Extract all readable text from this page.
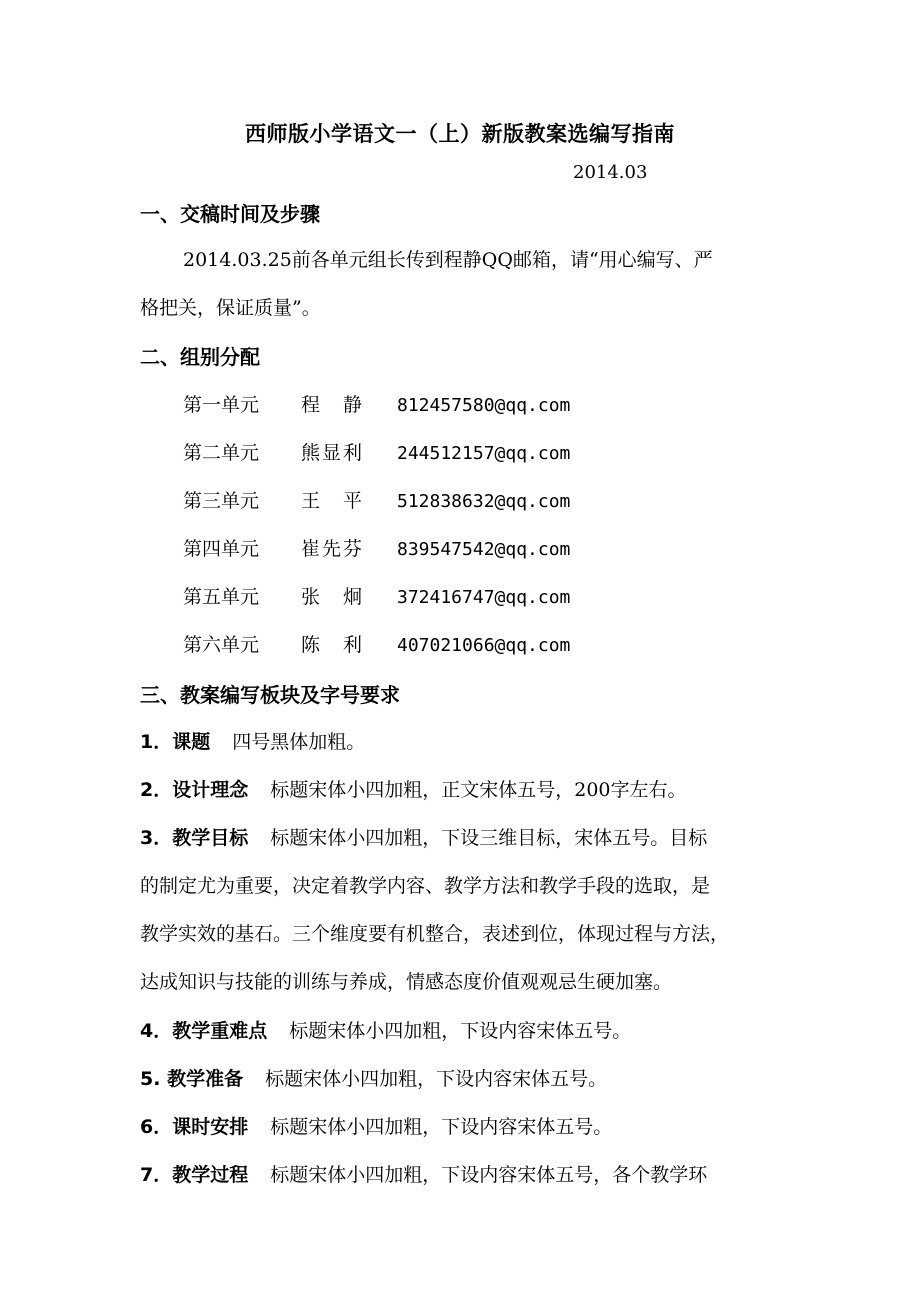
西师版小学语文一（上）新版教案选编写指南
2014.03
一、交稿时间及步骤
2014.03.25前各单元组长传到程静QQ邮箱，请“用心编写、严
格把关，保证质量”。
二、组别分配
第一单元 程　静 812457580@qq.com
第二单元 熊显利 244512157@qq.com
第三单元 王　平 512838632@qq.com
第四单元 崔先芬 839547542@qq.com
第五单元 张　炯 372416747@qq.com
第六单元 陈　利 407021066@qq.com
三、教案编写板块及字号要求
1．课题 四号黑体加粗。
2．设计理念 标题宋体小四加粗，正文宋体五号，200字左右。
3．教学目标 标题宋体小四加粗，下设三维目标，宋体五号。目标
的制定尤为重要，决定着教学内容、教学方法和教学手段的选取，是
教学实效的基石。三个维度要有机整合，表述到位，体现过程与方法，
达成知识与技能的训练与养成，情感态度价值观观忌生硬加塞。
4．教学重难点 标题宋体小四加粗，下设内容宋体五号。
5. 教学准备 标题宋体小四加粗，下设内容宋体五号。
6．课时安排 标题宋体小四加粗，下设内容宋体五号。
7．教学过程 标题宋体小四加粗，下设内容宋体五号，各个教学环
